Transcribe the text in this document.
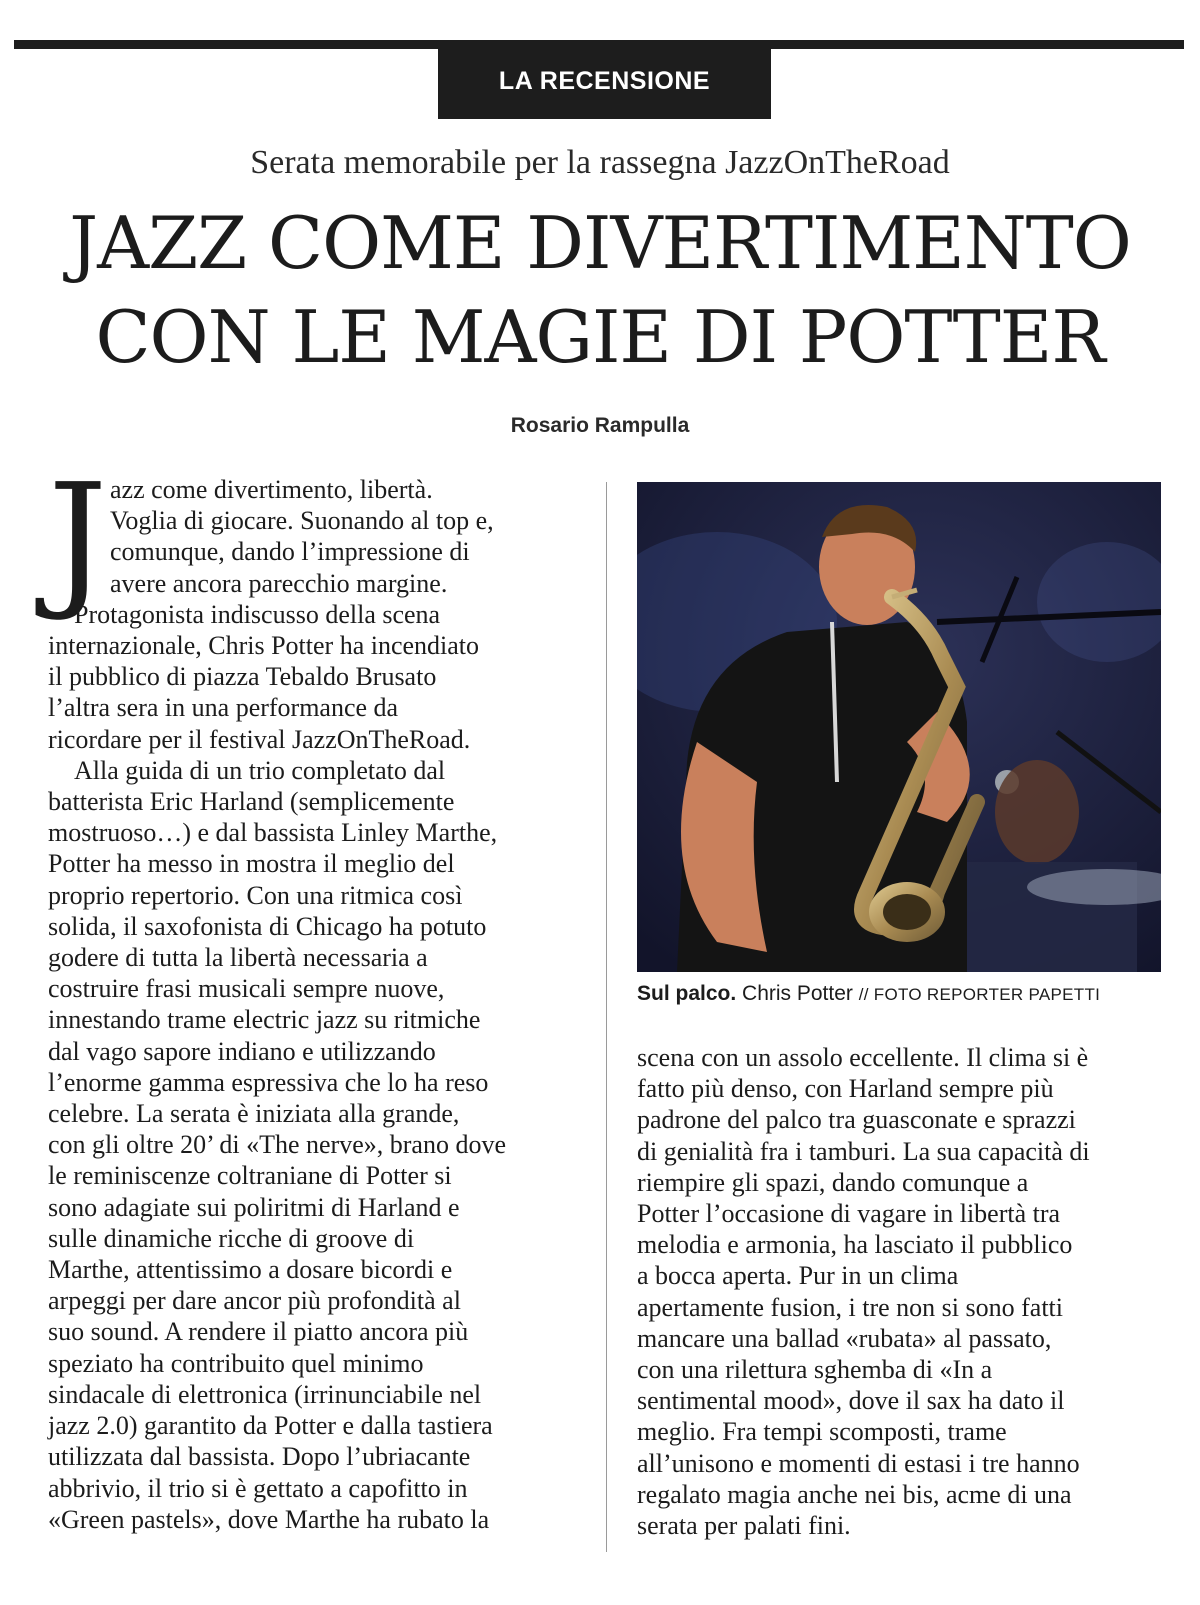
LA RECENSIONE
Serata memorabile per la rassegna JazzOnTheRoad
JAZZ COME DIVERTIMENTO
CON LE MAGIE DI POTTER
Rosario Rampulla
J azz come divertimento, libertà.
Voglia di giocare. Suonando al top e,
comunque, dando l’impressione di
avere ancora parecchio margine.
Protagonista indiscusso della scena
internazionale, Chris Potter ha incendiato
il pubblico di piazza Tebaldo Brusato
l’altra sera in una performance da
ricordare per il festival JazzOnTheRoad.
Alla guida di un trio completato dal
batterista Eric Harland (semplicemente
mostruoso…) e dal bassista Linley Marthe,
Potter ha messo in mostra il meglio del
proprio repertorio. Con una ritmica così
solida, il saxofonista di Chicago ha potuto
godere di tutta la libertà necessaria a
costruire frasi musicali sempre nuove,
innestando trame electric jazz su ritmiche
dal vago sapore indiano e utilizzando
l’enorme gamma espressiva che lo ha reso
celebre. La serata è iniziata alla grande,
con gli oltre 20’ di «The nerve», brano dove
le reminiscenze coltraniane di Potter si
sono adagiate sui poliritmi di Harland e
sulle dinamiche ricche di groove di
Marthe, attentissimo a dosare bicordi e
arpeggi per dare ancor più profondità al
suo sound. A rendere il piatto ancora più
speziato ha contribuito quel minimo
sindacale di elettronica (irrinunciabile nel
jazz 2.0) garantito da Potter e dalla tastiera
utilizzata dal bassista. Dopo l’ubriacante
abbrivio, il trio si è gettato a capofitto in
«Green pastels», dove Marthe ha rubato la
Sul palco. Chris Potter // FOTO REPORTER PAPETTI
scena con un assolo eccellente. Il clima si è
fatto più denso, con Harland sempre più
padrone del palco tra guasconate e sprazzi
di genialità fra i tamburi. La sua capacità di
riempire gli spazi, dando comunque a
Potter l’occasione di vagare in libertà tra
melodia e armonia, ha lasciato il pubblico
a bocca aperta. Pur in un clima
apertamente fusion, i tre non si sono fatti
mancare una ballad «rubata» al passato,
con una rilettura sghemba di «In a
sentimental mood», dove il sax ha dato il
meglio. Fra tempi scomposti, trame
all’unisono e momenti di estasi i tre hanno
regalato magia anche nei bis, acme di una
serata per palati fini.
